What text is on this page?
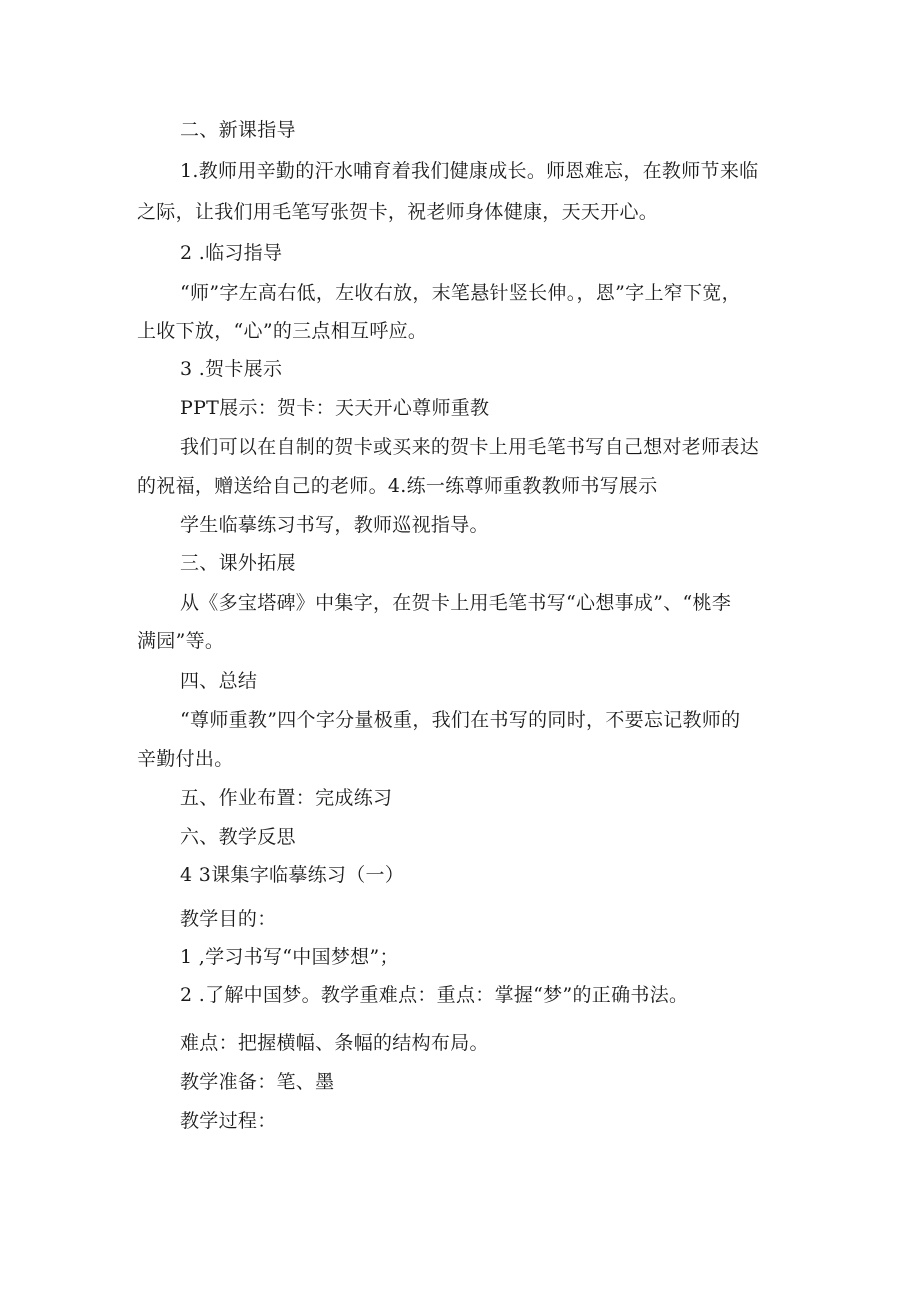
二、新课指导
1.教师用辛勤的汗水哺育着我们健康成长。师恩难忘，在教师节来临
之际，让我们用毛笔写张贺卡，祝老师身体健康，天天开心。
2 .临习指导
“师”字左高右低，左收右放，末笔悬针竖长伸。，恩”字上窄下宽，
上收下放，“心”的三点相互呼应。
3 .贺卡展示
PPT展示：贺卡：天天开心尊师重教
我们可以在自制的贺卡或买来的贺卡上用毛笔书写自己想对老师表达
的祝福，赠送给自己的老师。4.练一练尊师重教教师书写展示
学生临摹练习书写，教师巡视指导。
三、课外拓展
从《多宝塔碑》中集字，在贺卡上用毛笔书写“心想事成”、“桃李
满园”等。
四、总结
“尊师重教”四个字分量极重，我们在书写的同时，不要忘记教师的
辛勤付出。
五、作业布置：完成练习
六、教学反思
4 3课集字临摹练习（一）
教学目的：
1 ,学习书写“中国梦想”；
2 .了解中国梦。教学重难点：重点：掌握“梦”的正确书法。
难点：把握横幅、条幅的结构布局。
教学准备：笔、墨
教学过程：
